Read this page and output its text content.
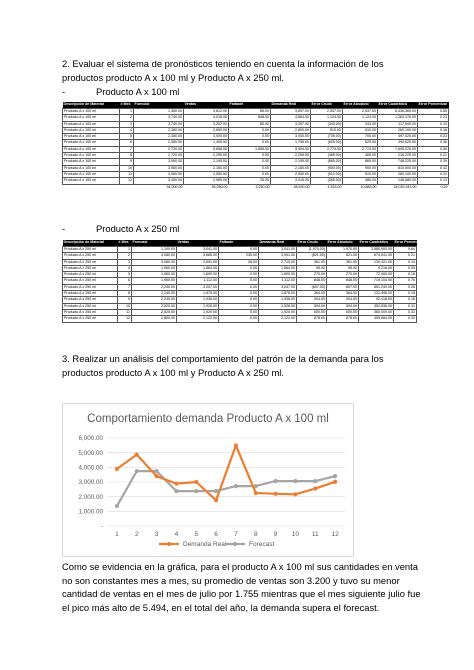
2. Evaluar el sistema de pronósticos teniendo en cuenta la información de los productos producto A x 100 ml y Producto A x 250 ml.
-	Producto A x 100 ml
Descripción de Material	# Mes	Forecast	Ventas	Faltante	Demanda Real	Error Crudo	Error Absoluto	Error Cuadrático	Error Porcentual
Producto A x 100 ml	1	1,360.00	3,812.00	85.00	3,897.00	2,537.00	2,537.00	6,436,369.00	0.65
Producto A x 100 ml	2	3,740.00	4,016.00	848.00	4,864.00	1,124.00	1,124.00	1,263,376.00	0.23
Producto A x 100 ml	3	3,740.00	3,257.00	80.00	3,397.00	(343.00)	343.00	117,649.00	0.10
Producto A x 100 ml	4	2,380.00	2,890.00	0.00	2,890.00	510.00	510.00	260,100.00	0.18
Producto A x 100 ml	5	2,380.00	3,000.00	0.00	3,000.00	(705.00)	705.00	497,025.00	0.23
Producto A x 100 ml	6	2,380.00	1,495.00	0.00	1,755.00	(625.00)	625.00	390,625.00	0.36
Producto A x 100 ml	7	2,720.00	5,656.00	1,896.00	5,494.00	2,774.00	2,774.00	7,695,076.00	0.50
Producto A x 100 ml	8	2,720.00	2,255.00	0.00	2,255.00	(465.00)	465.00	216,225.00	0.21
Producto A x 100 ml	9	3,060.00	2,195.00	0.00	2,195.00	(865.00)	865.00	748,225.00	0.39
Producto A x 100 ml	10	3,060.00	2,160.00	0.00	2,160.00	(900.00)	900.00	810,000.00	0.42
Producto A x 100 ml	11	3,060.00	2,550.00	0.00	2,550.00	(510.00)	510.00	260,100.00	0.20
Producto A x 100 ml	12	3,400.00	2,989.00	26.00	3,015.00	(385.00)	385.00	148,689.00	0.13
		34,000.00	35,280.00	3,250.00	38,530.00	4,533.00	10,883.00	18,032,943.00	0.29
-	Producto A x 250 ml
Descripción de Material	# Mes	Forecast	Ventas	Faltante	Demanda Real	Error Crudo	Error Absoluto	Error Cuadrático	Error Porcentual
Producto A x 250 ml	1	1,100.00	3,041.00	0.00	3,041.00	(1,970.00)	1,970.00	3,880,900.00	0.64
Producto A x 250 ml	2	3,080.00	3,665.00	235.00	3,901.00	(821.00)	821.00	674,041.00	0.21
Producto A x 250 ml	3	3,080.00	2,691.00	28.00	2,719.00	361.00	361.00	130,321.00	0.13
Producto A x 250 ml	4	1,960.00	1,864.00	0.00	1,864.00	96.00	96.00	9,216.00	0.05
Producto A x 250 ml	5	1,960.00	1,690.00	0.00	1,690.00	270.00	270.00	72,900.00	0.16
Producto A x 250 ml	6	1,960.00	1,112.00	0.00	1,112.00	848.00	848.00	719,104.00	0.76
Producto A x 250 ml	7	2,240.00	3,047.00	0.00	3,047.00	(807.00)	807.00	651,249.00	0.26
Producto A x 250 ml	8	2,240.00	1,876.00	0.00	1,876.00	364.00	364.00	132,496.00	0.19
Producto A x 250 ml	9	2,240.00	1,936.00	0.00	1,936.00	304.00	304.00	92,416.00	0.16
Producto A x 250 ml	10	2,520.00	1,926.00	0.00	1,926.00	594.00	594.00	352,836.00	0.31
Producto A x 250 ml	11	2,520.00	1,920.00	0.00	1,920.00	600.00	600.00	360,000.00	0.31
Producto A x 250 ml	12	2,800.00	2,122.00	0.00	2,122.00	678.00	678.00	459,684.00	0.32

3. Realizar un análisis del comportamiento del patrón de la demanda para los productos producto A x 100 ml y Producto A x 250 ml.
Comportamiento demanda Producto A x 100 ml
-
1,000.00
2,000.00
3,000.00
4,000.00
5,000.00
6,000.00
1 2 3 4 5 6 7 8 9 10 11 12
Demanda Real	Forecast
Como se evidencia en la gráfica, para el producto A x 100 ml sus cantidades en venta no son constantes mes a mes, su promedio de ventas son 3.200 y tuvo su menor cantidad de ventas en el mes de julio por 1.755 mientras que el mes siguiente julio fue el pico más alto de 5.494, en el total del año, la demanda supera el forecast.
